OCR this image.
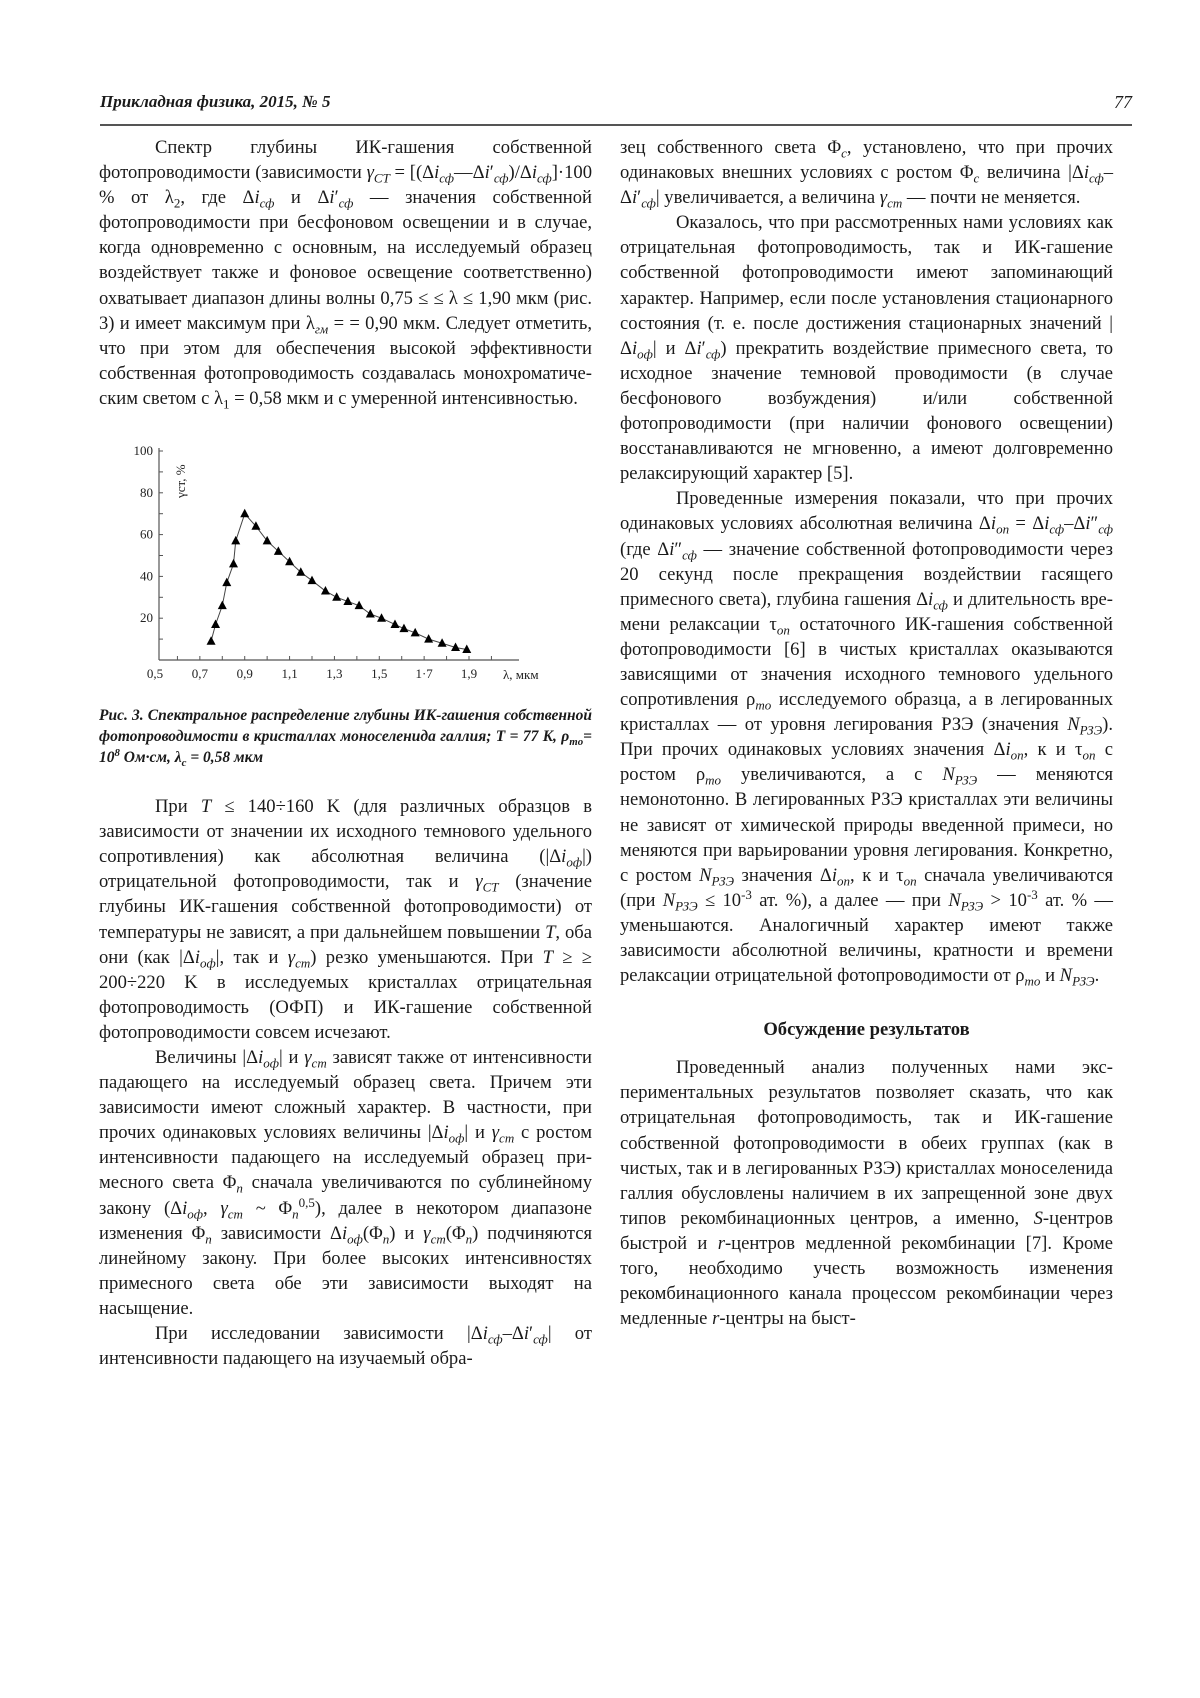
Прикладная физика, 2015, № 5	77

Спектр глубины ИК-гашения собственной фотопроводимости (зависимости $\gamma_{CT}$ = $[(\Delta i_{сф}-​-\Delta i'_{сф})/\Delta i_{сф}]\cdot 100$ % от $\lambda_2$, где $\Delta i_{сф}$ и $\Delta i'_{сф}$ — значения собственной фотопроводимости при бесфоновом освещении и в случае, когда одновременно с основным, на исследуемый образец воздействует также и фоновое освещение соответственно) охватывает диапазон длины волны 0,75 ≤ ≤ λ ≤ 1,90 мкм (рис. 3) и имеет максимум при $\lambda_{гм}$ = = 0,90 мкм. Следует отметить, что при этом для обеспечения высокой эффективности собственная фотопроводимость создавалась монохроматическим светом с $\lambda_1 = 0,58$ мкм и с умеренной интенсивностью.

20
40
60
80
100
0,5 0,7 0,9 1,1 1,3 1,5 1·7 1,9 λ, мкм
γст, %
Рис. 3. Спектральное распределение глубины ИК-гашения собственной фотопроводимости в кристаллах моноселенида галлия; T = 77 K, $\rho_{mo}= 10^8$ Ом·см, $\lambda_c = 0,58$ мкм

При T ≤ 140÷160 K (для различных образцов в зависимости от значении их исходного темнового удельного сопротивления) как абсолютная величина $(|\Delta i_{оф}|)$ отрицательной фотопроводимости, так и $\gamma_{CT}$ (значение глубины ИК-гашения собственной фотопроводимости) от температуры не зависят, а при дальнейшем повышении T, оба они (как $|\Delta i_{оф}|$, так и $\gamma_{cm}$) резко уменьшаются. При T ≥ ≥ 200÷220 K в исследуемых кристаллах отрицательная фотопроводимость (ОФП) и ИК-гашение собственной фотопроводимости совсем исчезают.

Величины $|\Delta i_{оф}|$ и $\gamma_{cm}$ зависят также от интенсивности падающего на исследуемый образец света. Причем эти зависимости имеют сложный характер. В частности, при прочих одинаковых условиях величины $|\Delta i_{оф}|$ и $\gamma_{cm}$ с ростом интенсивности падающего на исследуемый образец примесного света $\Phi_n$ сначала увеличиваются по сублинейному закону ($\Delta i_{оф}$, $\gamma_{cm}$ ~ $\Phi_n^{0,5}$), далее в некотором диапазоне изменения $\Phi_n$ зависимости $\Delta i_{оф}(\Phi_n)$ и $\gamma_{cm}(\Phi_n)$ подчиняются линейному закону. При более высоких интенсивностях примесного света обе эти зависимости выходят на насыщение.

При исследовании зависимости $|\Delta i_{сф}-\Delta i'_{сф}|$ от интенсивности падающего на изучаемый обра-

зец собственного света $\Phi_c$, установлено, что при прочих одинаковых внешних условиях с ростом $\Phi_c$ величина $|\Delta i_{сф}-\Delta i'_{сф}|$ увеличивается, а величина $\gamma_{cm}$ — почти не меняется.

Оказалось, что при рассмотренных нами условиях как отрицательная фотопроводимость, так и ИК-гашение собственной фотопроводимости имеют запоминающий характер. Например, если после установления стационарного состояния (т. е. после достижения стационарных значений $|\Delta i_{оф}|$ и $\Delta i'_{сф}$) прекратить воздействие примесного света, то исходное значение темновой проводимости (в случае бесфонового возбуждения) и/или собственной фотопроводимости (при наличии фонового освещении) восстанавливаются не мгновенно, а имеют долговременно релаксирующий характер [5].

Проведенные измерения показали, что при прочих одинаковых условиях абсолютная величина $\Delta i_{on} = \Delta i_{сф}-\Delta i''_{сф}$ (где $\Delta i''_{сф}$ — значение собственной фотопроводимости через 20 секунд после прекращения воздействии гасящего примесного света), глубина гашения $\Delta i_{сф}$ и длительность времени релаксации $\tau_{on}$ остаточного ИК-гашения собственной фотопроводимости [6] в чистых кристаллах оказываются зависящими от значения исходного темнового удельного сопротивления $\rho_{mo}$ исследуемого образца, а в легированных кристаллах — от уровня легирования РЗЭ (значения $N_{РЗЭ}$). При прочих одинаковых условиях значения $\Delta i_{on}$, к и $\tau_{on}$ с ростом $\rho_{mo}$ увеличиваются, а с $N_{РЗЭ}$ — меняются немонотонно. В легированных РЗЭ кристаллах эти величины не зависят от химической природы введенной примеси, но меняются при варьировании уровня легирования. Конкретно, с ростом $N_{РЗЭ}$ значения $\Delta i_{on}$, к и $\tau_{on}$ сначала увеличиваются (при $N_{РЗЭ} \le 10^{-3}$ ат. %), а далее — при $N_{РЗЭ} > 10^{-3}$ ат. % — уменьшаются. Аналогичный характер имеют также зависимости абсолютной величины, кратности и времени релаксации отрицательной фотопроводимости от $\rho_{mo}$ и $N_{РЗЭ}$.

Обсуждение результатов

Проведенный анализ полученных нами экспериментальных результатов позволяет сказать, что как отрицательная фотопроводимость, так и ИК-гашение собственной фотопроводимости в обеих группах (как в чистых, так и в легированных РЗЭ) кристаллах моноселенида галлия обусловлены наличием в их запрещенной зоне двух типов рекомбинационных центров, а именно, S-центров быстрой и r-центров медленной рекомбинации [7]. Кроме того, необходимо учесть возможность изменения рекомбинационного канала процессом рекомбинации через медленные r-центры на быст-
